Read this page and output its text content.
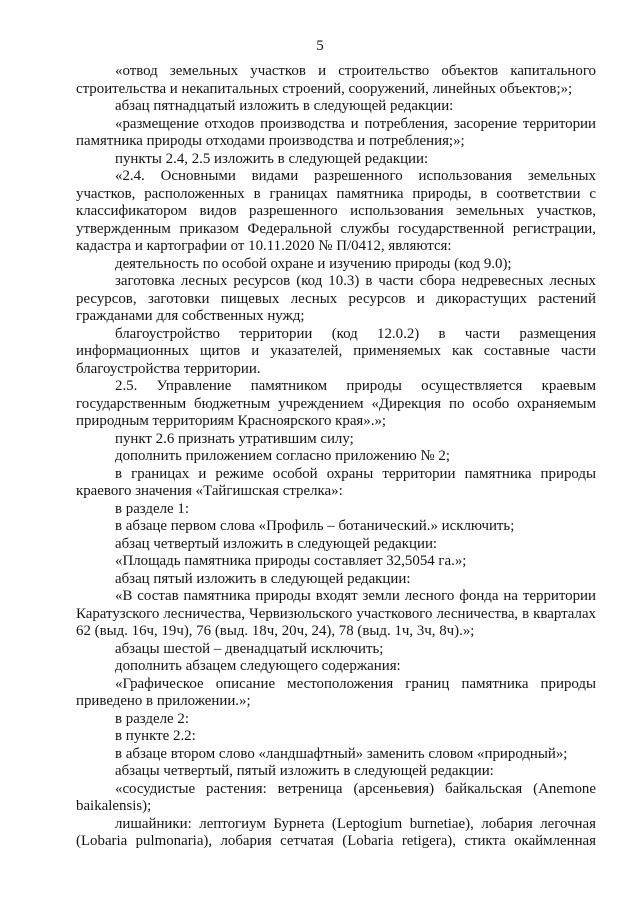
5

«отвод земельных участков и строительство объектов капитального строительства и некапитальных строений, сооружений, линейных объектов;»;

абзац пятнадцатый изложить в следующей редакции:

«размещение отходов производства и потребления, засорение территории памятника природы отходами производства и потребления;»;

пункты 2.4, 2.5 изложить в следующей редакции:

«2.4. Основными видами разрешенного использования земельных участков, расположенных в границах памятника природы, в соответствии с классификатором видов разрешенного использования земельных участков, утвержденным приказом Федеральной службы государственной регистрации, кадастра и картографии от 10.11.2020 № П/0412, являются:

деятельность по особой охране и изучению природы (код 9.0);

заготовка лесных ресурсов (код 10.3) в части сбора недревесных лесных ресурсов, заготовки пищевых лесных ресурсов и дикорастущих растений гражданами для собственных нужд;

благоустройство территории (код 12.0.2) в части размещения информационных щитов и указателей, применяемых как составные части благоустройства территории.

2.5. Управление памятником природы осуществляется краевым государственным бюджетным учреждением «Дирекция по особо охраняемым природным территориям Красноярского края».»;

пункт 2.6 признать утратившим силу;

дополнить приложением согласно приложению № 2;

в границах и режиме особой охраны территории памятника природы краевого значения «Тайгишская стрелка»:

в разделе 1:

в абзаце первом слова «Профиль – ботанический.» исключить;

абзац четвертый изложить в следующей редакции:

«Площадь памятника природы составляет 32,5054 га.»;

абзац пятый изложить в следующей редакции:

«В состав памятника природы входят земли лесного фонда на территории Каратузского лесничества, Червизюльского участкового лесничества, в кварталах 62 (выд. 16ч, 19ч), 76 (выд. 18ч, 20ч, 24), 78 (выд. 1ч, 3ч, 8ч).»;

абзацы шестой – двенадцатый исключить;

дополнить абзацем следующего содержания:

«Графическое описание местоположения границ памятника природы приведено в приложении.»;

в разделе 2:

в пункте 2.2:

в абзаце втором слово «ландшафтный» заменить словом «природный»;

абзацы четвертый, пятый изложить в следующей редакции:

«сосудистые растения: ветреница (арсеньевия) байкальская (Anemone baikalensis);

лишайники: лептогиум Бурнета (Leptogium burnetiae), лобария легочная (Lobaria pulmonaria), лобария сетчатая (Lobaria retigera), стикта окаймленная
